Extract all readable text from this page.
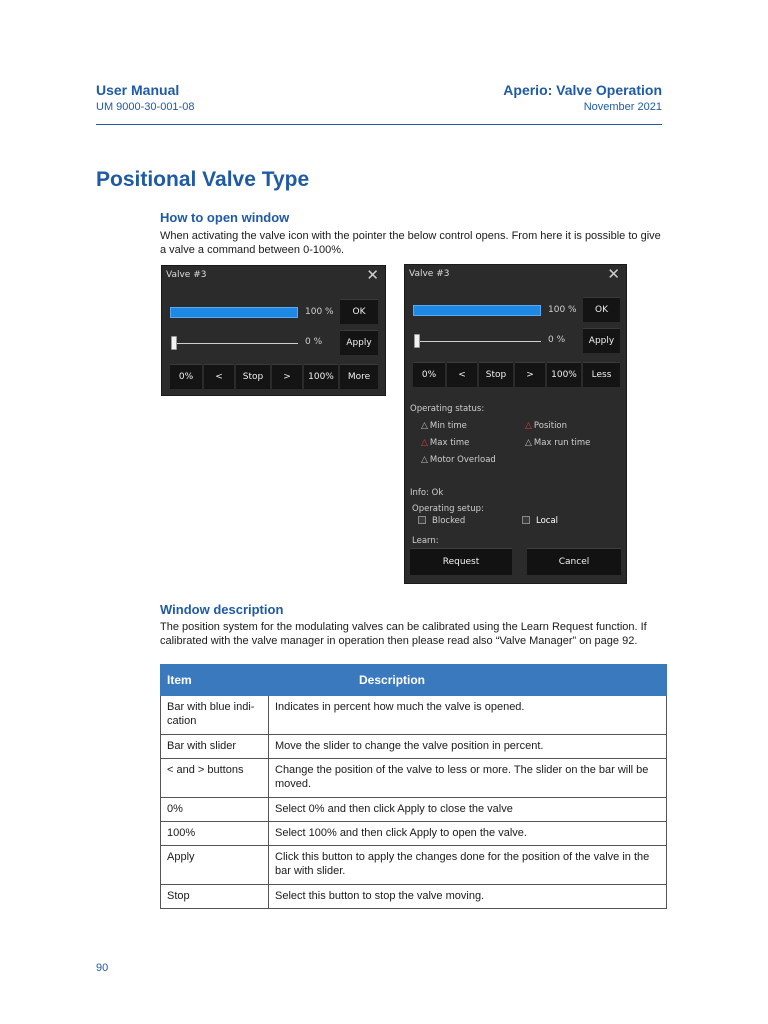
User Manual
UM 9000-30-001-08
Aperio: Valve Operation
November 2021
Positional Valve Type
How to open window
When activating the valve icon with the pointer the below control opens. From here it is possible to give a valve a command between 0-100%.
Valve #3	✕
100 %	OK
0 %	Apply
0%	<	Stop	>	100%	More
Valve #3	✕
100 %	OK
0 %	Apply
0%	<	Stop	>	100%	Less
Operating status:
△ Min time	△ Position
△ Max time	△ Max run time
△ Motor Overload
Info: Ok
Operating setup:
Blocked	Local
Learn:
Request	Cancel
Window description
The position system for the modulating valves can be calibrated using the Learn Request function. If calibrated with the valve manager in operation then please read also “Valve Manager” on page 92.
Item		Description
Bar with blue indi-cation	Indicates in percent how much the valve is opened.	
Bar with slider	Move the slider to change the valve position in percent.	
< and > buttons	Change the position of the valve to less or more. The slider on the bar will be moved.	
0%	Select 0% and then click Apply to close the valve	
100%	Select 100% and then click Apply to open the valve.	
Apply	Click this button to apply the changes done for the position of the valve in the bar with slider.	
Stop	Select this button to stop the valve moving.	
90
